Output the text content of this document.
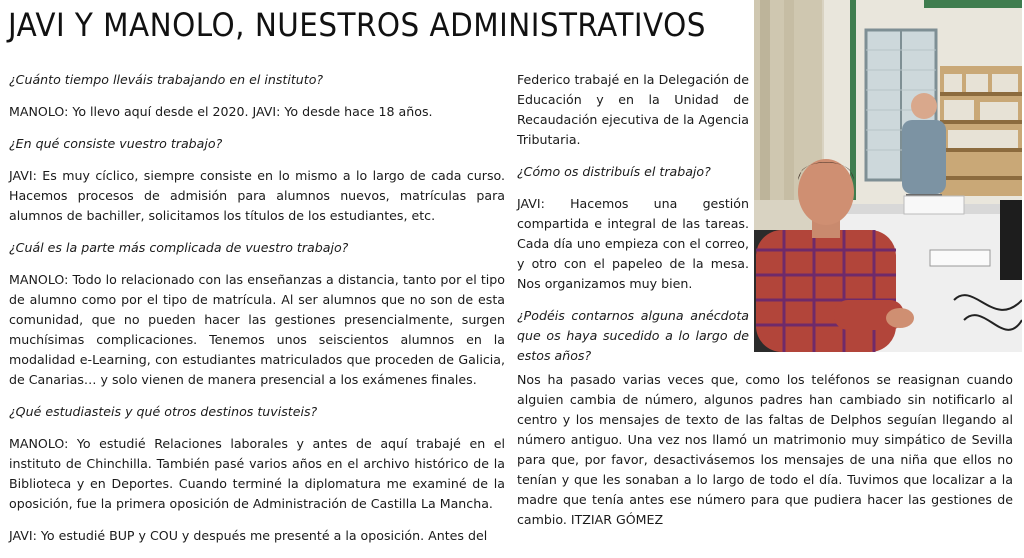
JAVI Y MANOLO, NUESTROS ADMINISTRATIVOS

¿Cuánto tiempo lleváis trabajando en el instituto?

MANOLO: Yo llevo aquí desde el 2020. JAVI: Yo desde hace 18 años.

¿En qué consiste vuestro trabajo?

JAVI: Es muy cíclico, siempre consiste en lo mismo a lo largo de cada curso. Hacemos procesos de admisión para alumnos nuevos, matrículas para alumnos de bachiller, solicitamos los títulos de los estudiantes, etc.

¿Cuál es la parte más complicada de vuestro trabajo?

MANOLO: Todo lo relacionado con las enseñanzas a distancia, tanto por el tipo de alumno como por el tipo de matrícula. Al ser alumnos que no son de esta comunidad, que no pueden hacer las gestiones presencialmente, surgen muchísimas complicaciones. Tenemos unos seiscientos alumnos en la modalidad e-Learning, con estudiantes matriculados que proceden de Galicia, de Canarias… y solo vienen de manera presencial a los exámenes finales.

¿Qué estudiasteis y qué otros destinos tuvisteis?

MANOLO: Yo estudié Relaciones laborales y antes de aquí trabajé en el instituto de Chinchilla. También pasé varios años en el archivo histórico de la Biblioteca y en Deportes. Cuando terminé la diplomatura me examiné de la oposición, fue la primera oposición de Administración de Castilla La Mancha.

JAVI: Yo estudié BUP y COU y después me presenté a la oposición. Antes del

Federico trabajé en la Delegación de Educación y en la Unidad de Recaudación ejecutiva de la Agencia Tributaria.

¿Cómo os distribuís el trabajo?

JAVI: Hacemos una gestión compartida e integral de las tareas. Cada día uno empieza con el correo, y otro con el papeleo de la mesa. Nos organizamos muy bien.

¿Podéis contarnos alguna anécdota que os haya sucedido a lo largo de estos años?

Nos ha pasado varias veces que, como los teléfonos se reasignan cuando alguien cambia de número, algunos padres han cambiado sin notificarlo al centro y los mensajes de texto de las faltas de Delphos seguían llegando al número antiguo. Una vez nos llamó un matrimonio muy simpático de Sevilla para que, por favor, desactivásemos los mensajes de una niña que ellos no tenían y que les sonaban a lo largo de todo el día. Tuvimos que localizar a la madre que tenía antes ese número para que pudiera hacer las gestiones de cambio. ITZIAR GÓMEZ
